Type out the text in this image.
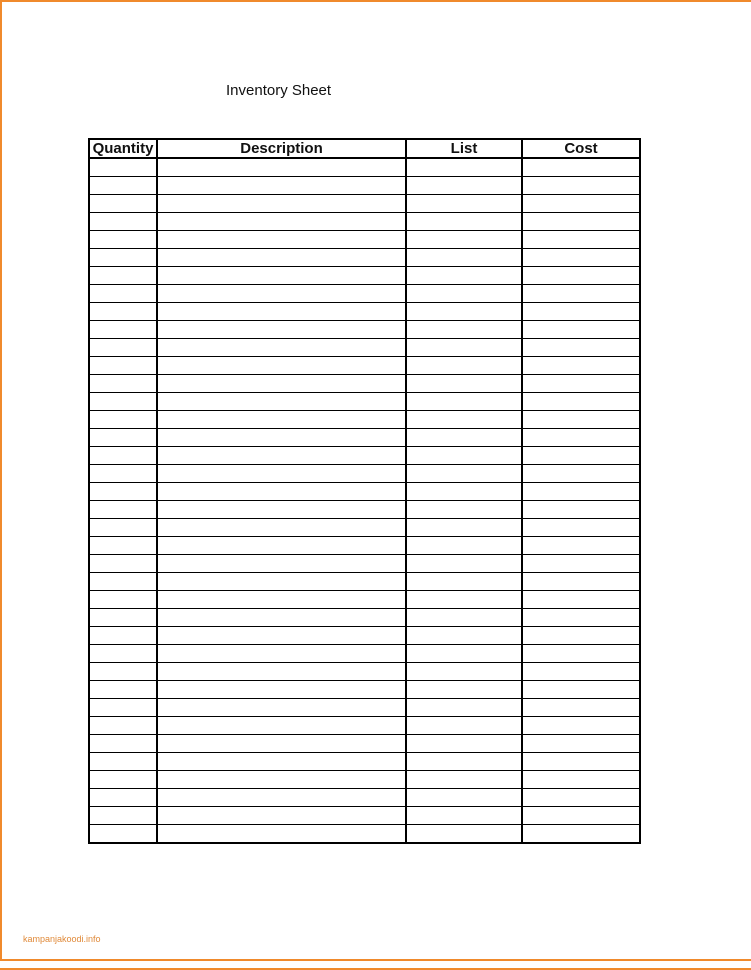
Inventory Sheet
Quantity	Description	List	Cost

kampanjakoodi.info
